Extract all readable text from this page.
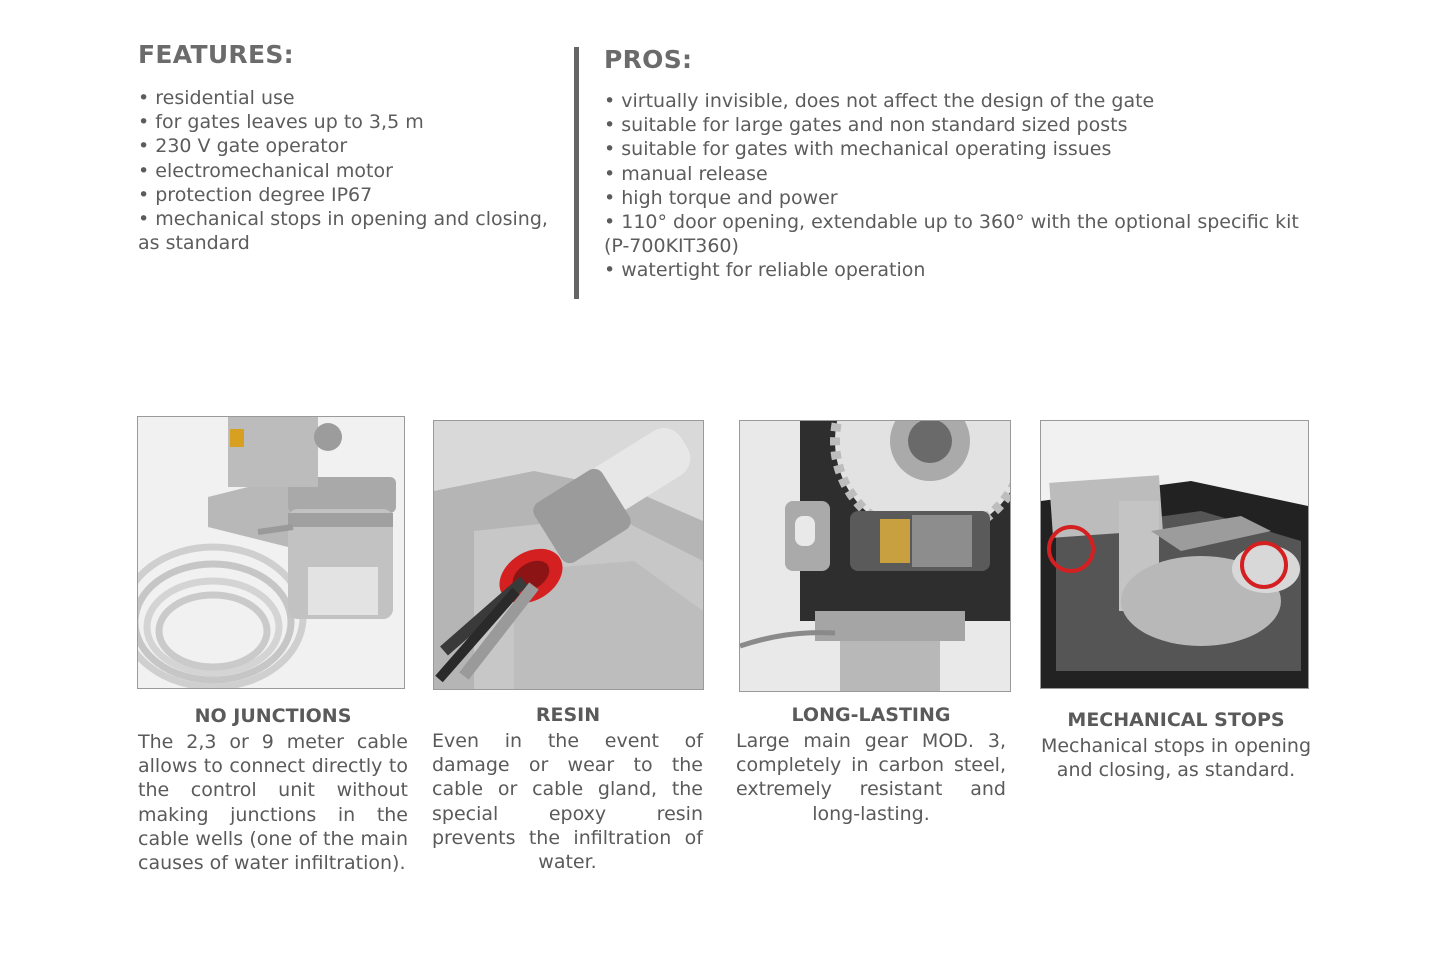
FEATURES:
• residential use
• for gates leaves up to 3,5 m
• 230 V gate operator
• electromechanical motor
• protection degree IP67
• mechanical stops in opening and closing, as standard
PROS:
• virtually invisible, does not affect the design of the gate
• suitable for large gates and non standard sized posts
• suitable for gates with mechanical operating issues
• manual release
• high torque and power
• 110° door opening, extendable up to 360° with the optional specific kit (P-700KIT360)
• watertight for reliable operation
NO JUNCTIONS
The 2,3 or 9 meter cable allows to connect directly to the control unit without making junctions in the cable wells (one of the main causes of water infiltration).
RESIN
Even in the event of damage or wear to the cable or cable gland, the special epoxy resin prevents the infiltration of water.
LONG-LASTING
Large main gear MOD. 3, completely in carbon steel, extremely resistant and long-lasting.
MECHANICAL STOPS
Mechanical stops in opening and closing, as standard.
